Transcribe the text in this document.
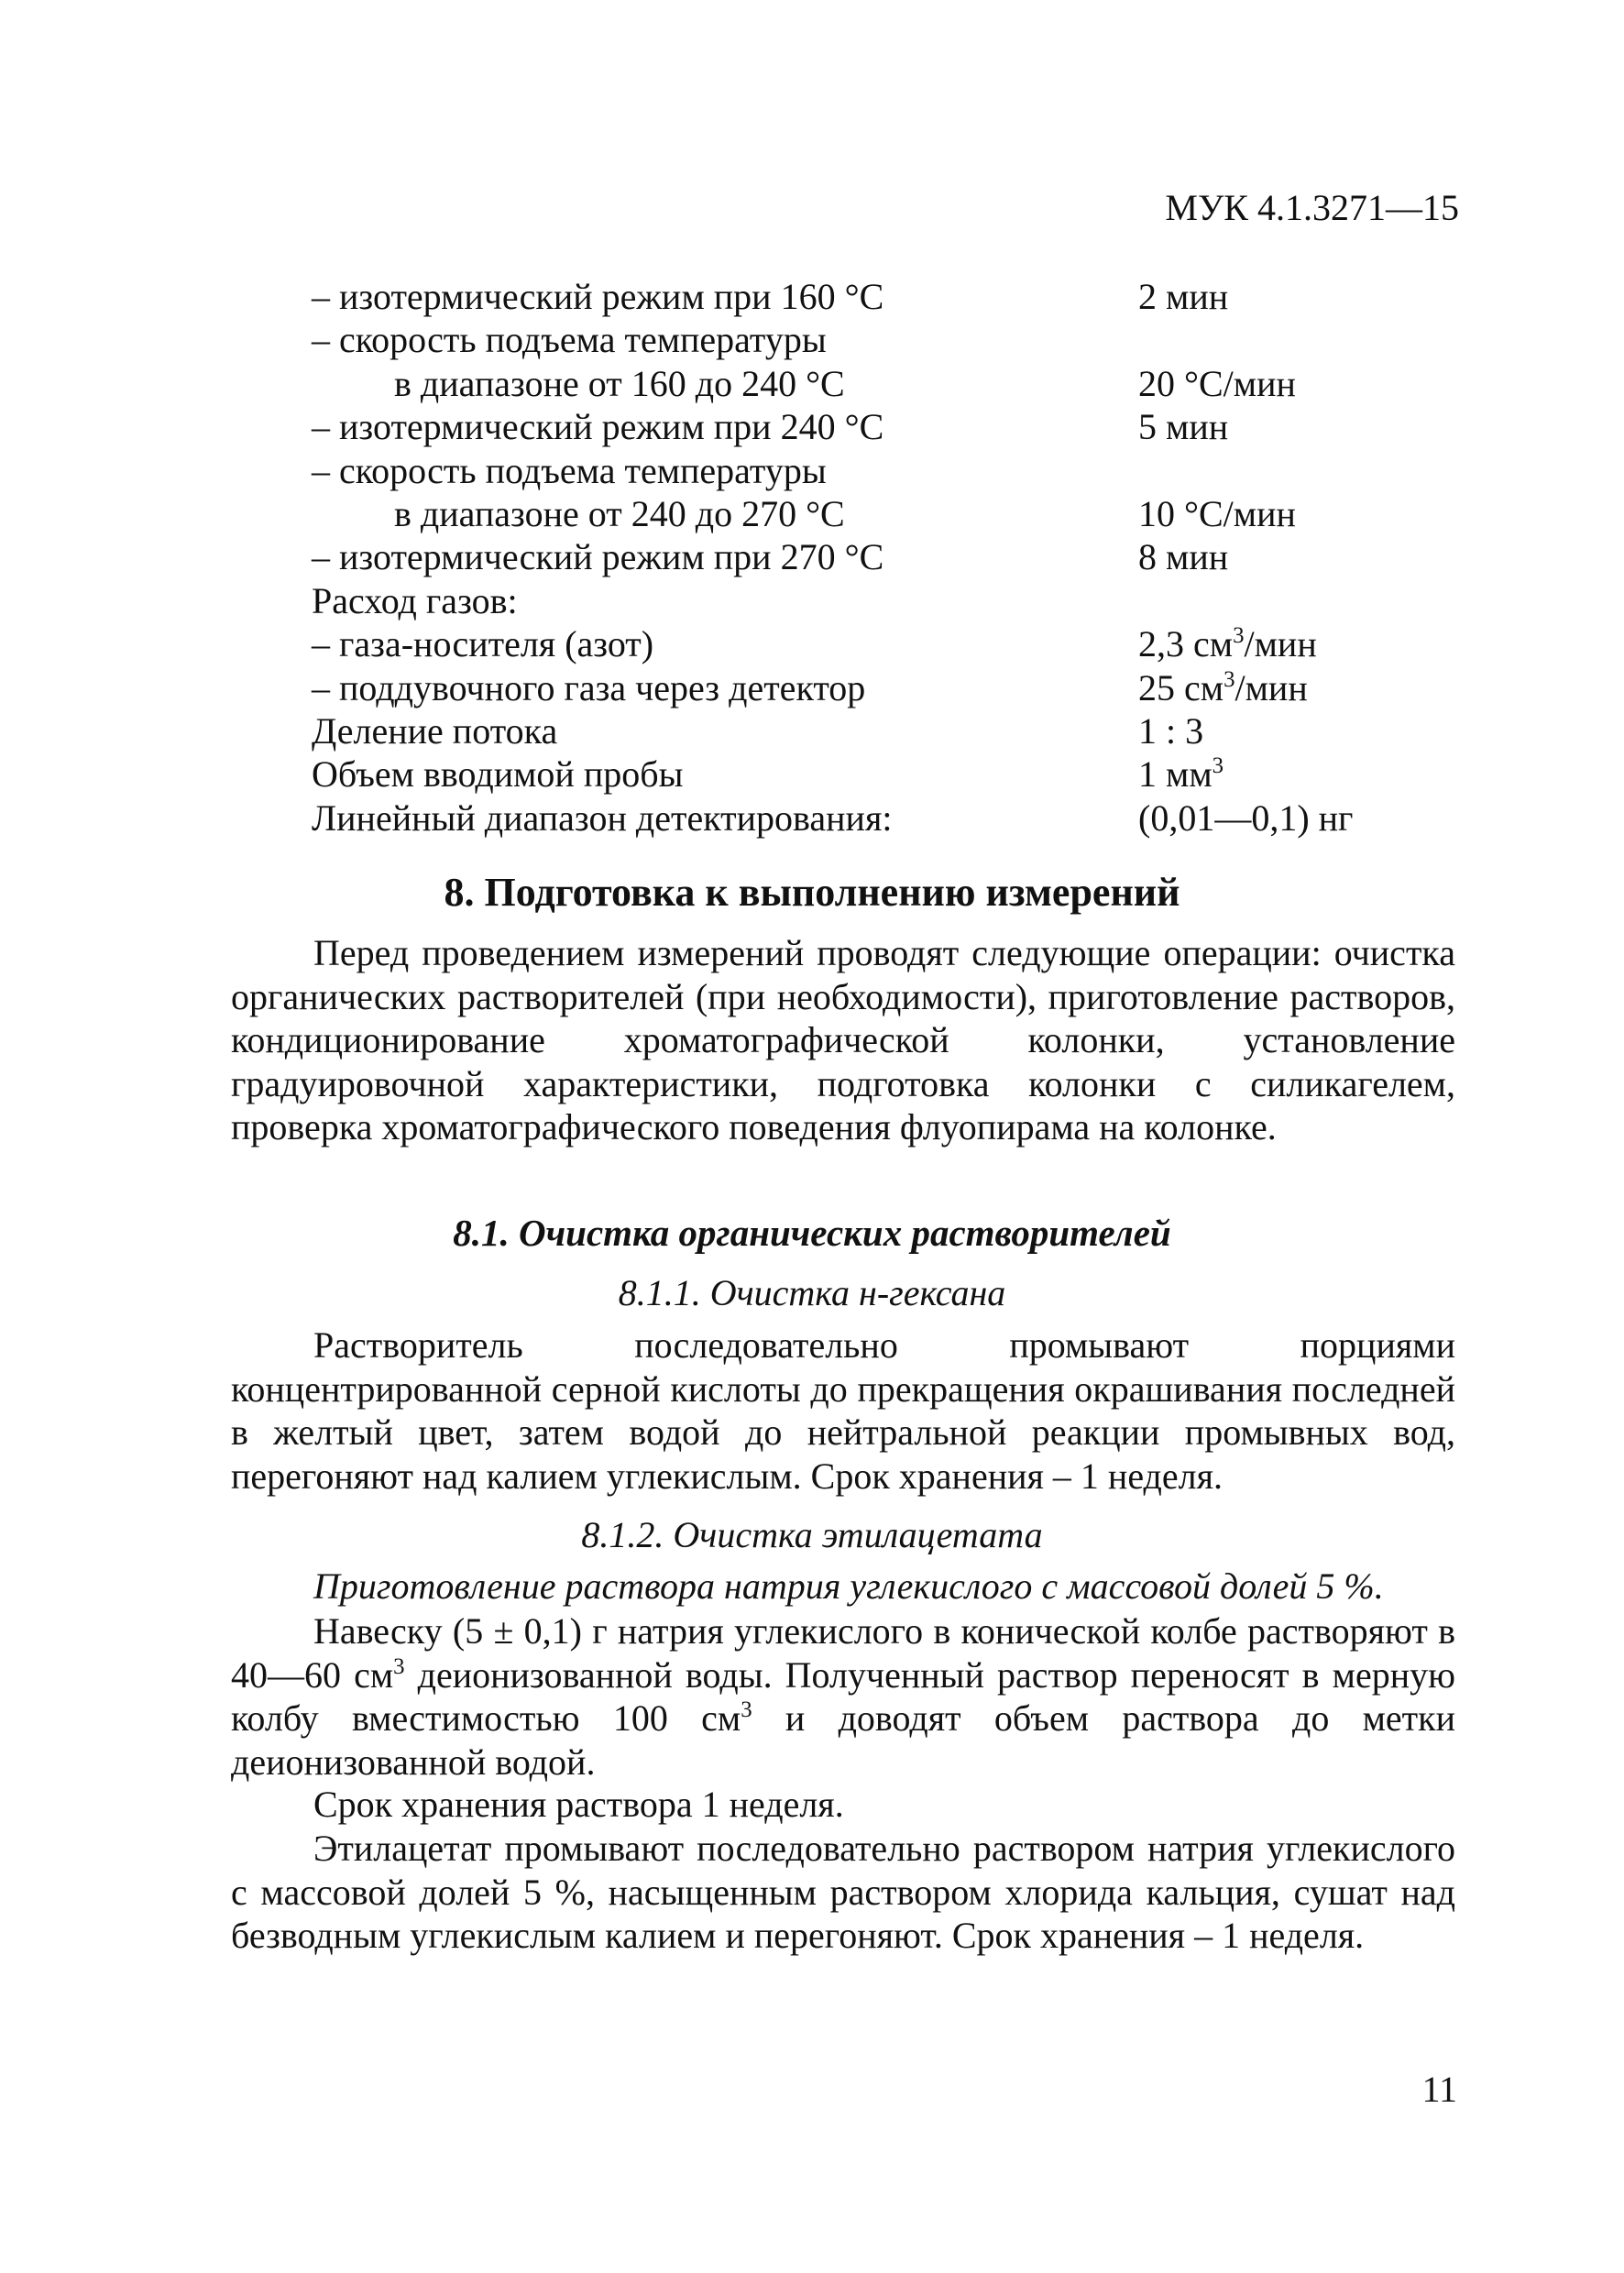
МУК 4.1.3271—15
– изотермический режим при 160 °С	2 мин
– скорость подъема температуры
в диапазоне от 160 до 240 °С	20 °С/мин
– изотермический режим при 240 °С	5 мин
– скорость подъема температуры
в диапазоне от 240 до 270 °С	10 °С/мин
– изотермический режим при 270 °С	8 мин
Расход газов:
– газа-носителя (азот)	2,3 $см^3$/мин
– поддувочного газа через детектор	25 $см^3$/мин
Деление потока	1 : 3
Объем вводимой пробы	1 $мм^3$
Линейный диапазон детектирования:	(0,01—0,1) нг
8. Подготовка к выполнению измерений
Перед проведением измерений проводят следующие операции: очистка органических растворителей (при необходимости), приготовление растворов, кондиционирование хроматографической колонки, установление градуировочной характеристики, подготовка колонки с силикагелем, проверка хроматографического поведения флуопирама на колонке.
8.1. Очистка органических растворителей
8.1.1. Очистка н-гексана
Растворитель последовательно промывают порциями концентрированной серной кислоты до прекращения окрашивания последней в желтый цвет, затем водой до нейтральной реакции промывных вод, перегоняют над калием углекислым. Срок хранения – 1 неделя.
8.1.2. Очистка этилацетата
Приготовление раствора натрия углекислого с массовой долей 5 %.
Навеску (5 ± 0,1) г натрия углекислого в конической колбе растворяют в 40—60 $см^3$ деионизованной воды. Полученный раствор переносят в мерную колбу вместимостью 100 $см^3$ и доводят объем раствора до метки деионизованной водой.
Срок хранения раствора 1 неделя.
Этилацетат промывают последовательно раствором натрия углекислого с массовой долей 5 %, насыщенным раствором хлорида кальция, сушат над безводным углекислым калием и перегоняют. Срок хранения – 1 неделя.
11
